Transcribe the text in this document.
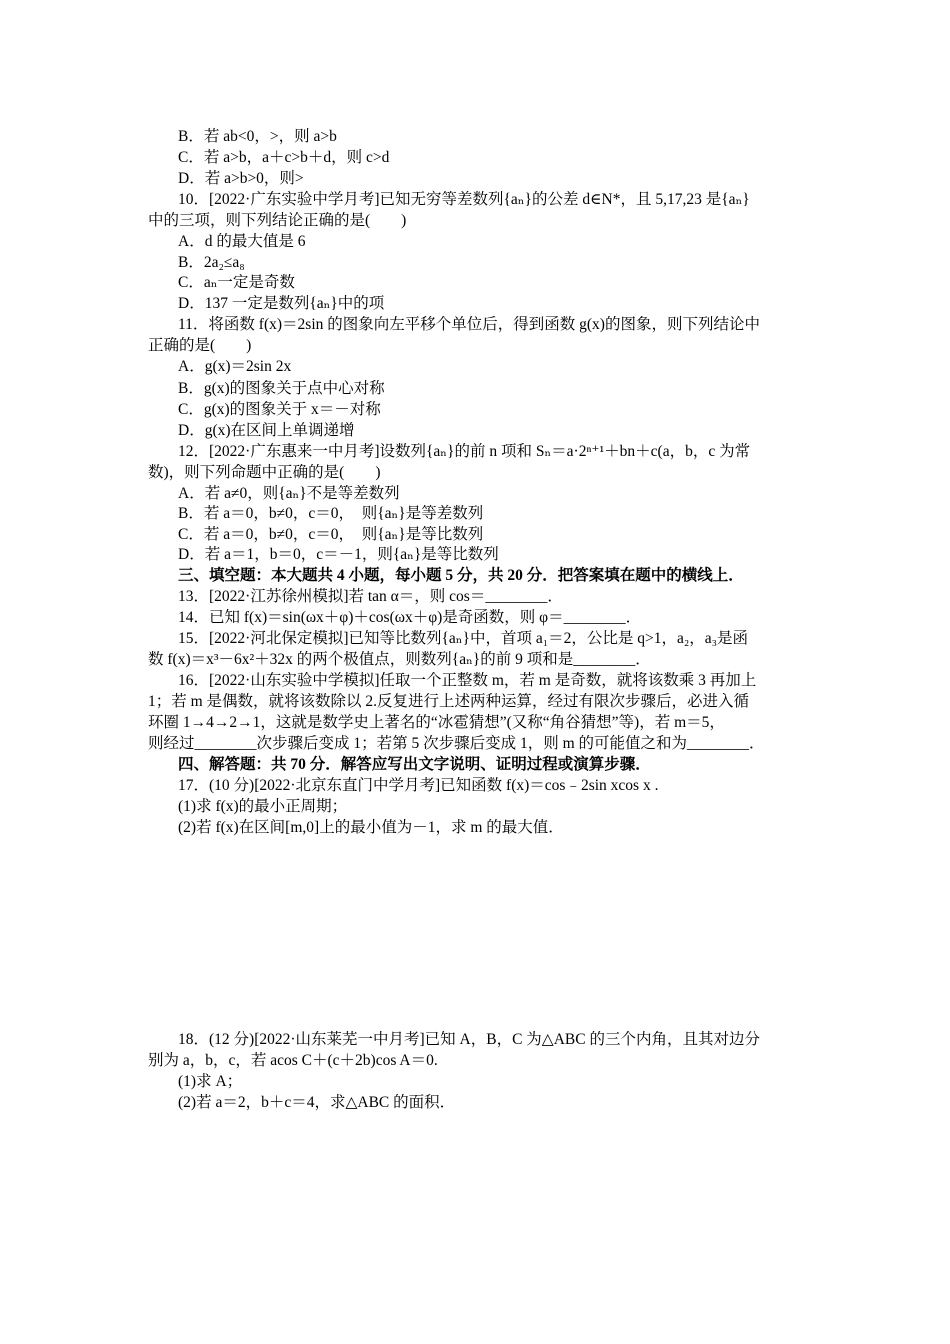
B．若 ab<0，>，则 a>b
C．若 a>b，a＋c>b＋d，则 c>d
D．若 a>b>0，则>
10．[2022·广东实验中学月考]已知无穷等差数列{aₙ}的公差 d∈N*，且 5,17,23 是{aₙ}
中的三项，则下列结论正确的是(　　)
A．d 的最大值是 6
B．2a₂≤a₈
C．aₙ一定是奇数
D．137 一定是数列{aₙ}中的项
11．将函数 f(x)＝2sin 的图象向左平移个单位后，得到函数 g(x)的图象，则下列结论中
正确的是(　　)
A．g(x)＝2sin 2x
B．g(x)的图象关于点中心对称
C．g(x)的图象关于 x＝－对称
D．g(x)在区间上单调递增
12．[2022·广东惠来一中月考]设数列{aₙ}的前 n 项和 Sₙ＝a·2ⁿ⁺¹＋bn＋c(a，b，c 为常
数)，则下列命题中正确的是(　　)
A．若 a≠0，则{aₙ}不是等差数列
B．若 a＝0，b≠0，c＝0，　则{aₙ}是等差数列
C．若 a＝0，b≠0，c＝0，　则{aₙ}是等比数列
D．若 a＝1，b＝0，c＝－1，则{aₙ}是等比数列
三、填空题：本大题共 4 小题，每小题 5 分，共 20 分．把答案填在题中的横线上．
13．[2022·江苏徐州模拟]若 tan α＝，则 cos＝________．
14．已知 f(x)＝sin(ωx＋φ)＋cos(ωx＋φ)是奇函数，则 φ＝________．
15．[2022·河北保定模拟]已知等比数列{aₙ}中，首项 a₁＝2，公比是 q>1，a₂，a₃是函
数 f(x)＝x³－6x²＋32x 的两个极值点，则数列{aₙ}的前 9 项和是________．
16．[2022·山东实验中学模拟]任取一个正整数 m，若 m 是奇数，就将该数乘 3 再加上
1；若 m 是偶数，就将该数除以 2.反复进行上述两种运算，经过有限次步骤后，必进入循
环圈 1→4→2→1，这就是数学史上著名的“冰雹猜想”(又称“角谷猜想”等)，若 m＝5，
则经过________次步骤后变成 1；若第 5 次步骤后变成 1，则 m 的可能值之和为________．
四、解答题：共 70 分．解答应写出文字说明、证明过程或演算步骤．
17．(10 分)[2022·北京东直门中学月考]已知函数 f(x)＝cos﹣2sin xcos x .
(1)求 f(x)的最小正周期；
(2)若 f(x)在区间[m,0]上的最小值为－1，求 m 的最大值．
18．(12 分)[2022·山东莱芜一中月考]已知 A，B，C 为△ABC 的三个内角，且其对边分
别为 a，b，c，若 acos C＋(c＋2b)cos A＝0.
(1)求 A；
(2)若 a＝2，b＋c＝4，求△ABC 的面积．
